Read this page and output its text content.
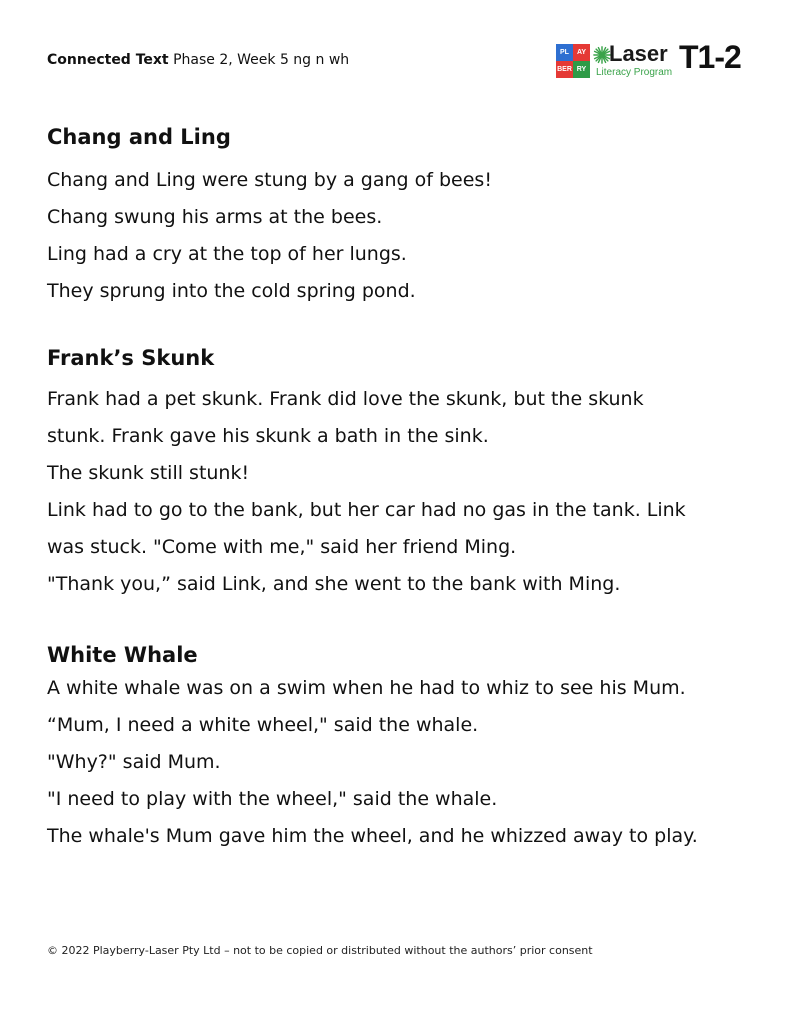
Connected Text Phase 2, Week 5 ng n wh	PL	AY
BER RY
Laser
Literacy Program T1-2
Chang and Ling

Chang and Ling were stung by a gang of bees!

Chang swung his arms at the bees.

Ling had a cry at the top of her lungs.

They sprung into the cold spring pond.

Frank’s Skunk

Frank had a pet skunk. Frank did love the skunk, but the skunk

stunk. Frank gave his skunk a bath in the sink.

The skunk still stunk!

Link had to go to the bank, but her car had no gas in the tank. Link

was stuck. "Come with me," said her friend Ming.

"Thank you,” said Link, and she went to the bank with Ming.

White Whale

A white whale was on a swim when he had to whiz to see his Mum.

“Mum, I need a white wheel," said the whale.

"Why?" said Mum.

"I need to play with the wheel," said the whale.

The whale's Mum gave him the wheel, and he whizzed away to play.

© 2022 Playberry-Laser Pty Ltd – not to be copied or distributed without the authors’ prior consent
